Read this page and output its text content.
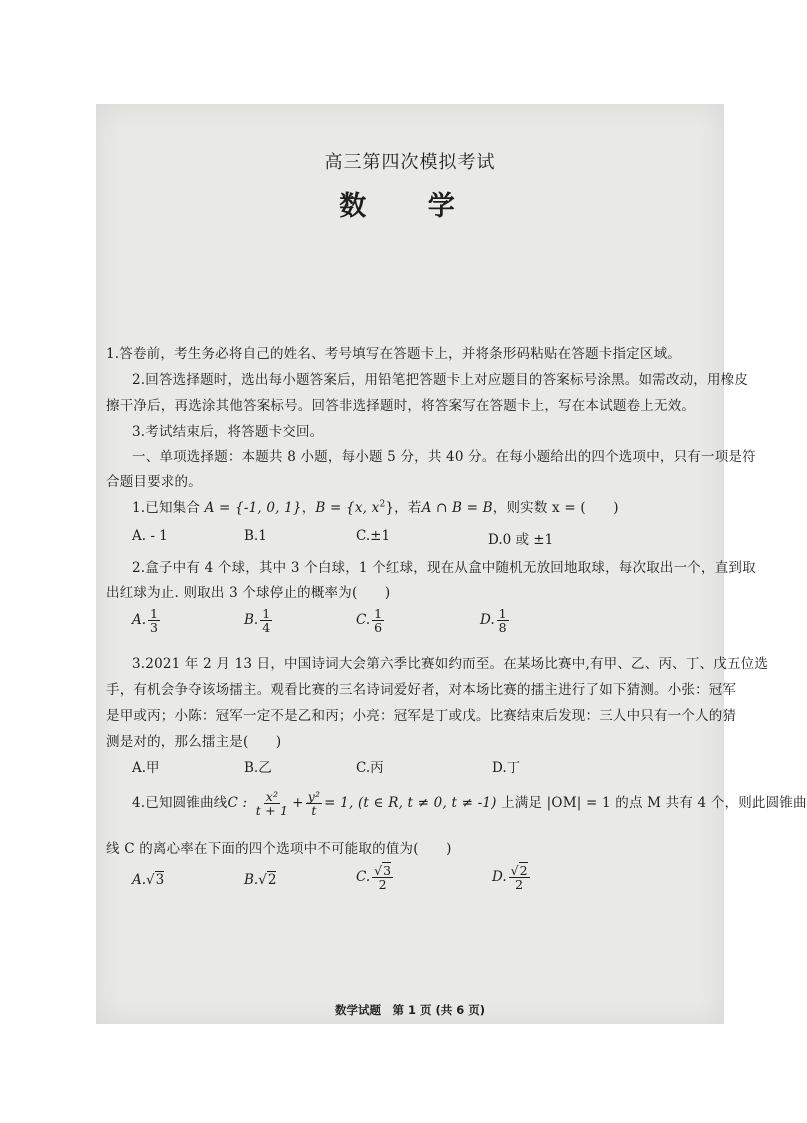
高三第四次模拟考试
数 学
1.答卷前，考生务必将自己的姓名、考号填写在答题卡上，并将条形码粘贴在答题卡指定区域。
2.回答选择题时，选出每小题答案后，用铅笔把答题卡上对应题目的答案标号涂黑。如需改动，用橡皮
擦干净后，再选涂其他答案标号。回答非选择题时，将答案写在答题卡上，写在本试题卷上无效。
3.考试结束后，将答题卡交回。
一、单项选择题：本题共 8 小题，每小题 5 分，共 40 分。在每小题给出的四个选项中，只有一项是符
合题目要求的。
1.已知集合 A = {-1, 0, 1}，B = {x, $x^2$}，若A ∩ B = B，则实数 x = (　　)
A. - 1	B.1	C.±1	D.0 或 ±1
2.盒子中有 4 个球，其中 3 个白球，1 个红球，现在从盒中随机无放回地取球，每次取出一个，直到取
出红球为止. 则取出 3 个球停止的概率为(　　)
A. $\frac{1}{3}$	B. $\frac{1}{4}$	C. $\frac{1}{6}$	D. $\frac{1}{8}$
3.2021 年 2 月 13 日，中国诗词大会第六季比赛如约而至。在某场比赛中,有甲、乙、丙、丁、戊五位选
手，有机会争夺该场擂主。观看比赛的三名诗词爱好者，对本场比赛的擂主进行了如下猜测。小张：冠军
是甲或丙；小陈：冠军一定不是乙和丙；小亮：冠军是丁或戊。比赛结束后发现：三人中只有一个人的猜
测是对的，那么擂主是(　　)
A.甲	B.乙	C.丙	D.丁
4.已知圆锥曲线C : $\frac{\text{x²}}{t + 1} + \frac{\text{y²}}{t} = 1$, (t ∈ R, t ≠ 0, t ≠ -1) 上满足 |OM| = 1 的点 M 共有 4 个，则此圆锥曲
线 C 的离心率在下面的四个选项中不可能取的值为(　　)
A.√3	B.√2	C. $\frac{√3}{2}$	D. $\frac{√2}{2}$
数学试题　第 1 页 (共 6 页)
